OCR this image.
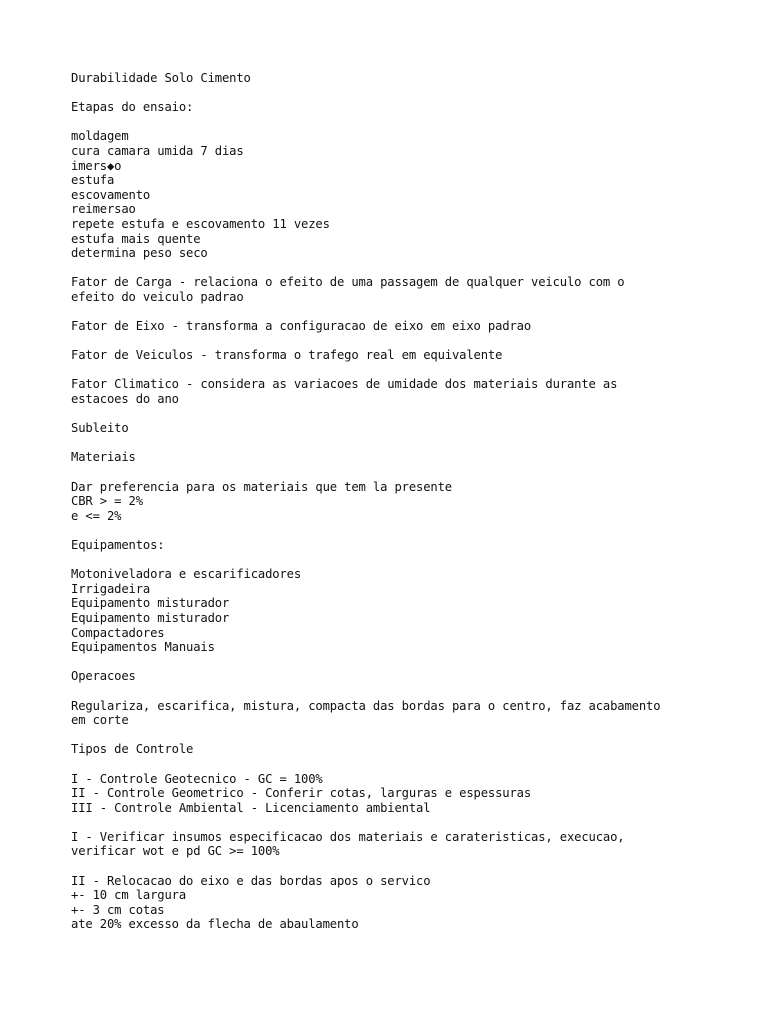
Durabilidade Solo Cimento
Etapas do ensaio:
moldagem
cura camara umida 7 dias
imers◆o
estufa
escovamento
reimersao
repete estufa e escovamento 11 vezes
estufa mais quente
determina peso seco
Fator de Carga - relaciona o efeito de uma passagem de qualquer veiculo com o
efeito do veiculo padrao
Fator de Eixo - transforma a configuracao de eixo em eixo padrao
Fator de Veiculos - transforma o trafego real em equivalente
Fator Climatico - considera as variacoes de umidade dos materiais durante as
estacoes do ano
Subleito
Materiais
Dar preferencia para os materiais que tem la presente
CBR > = 2%
e <= 2%
Equipamentos:
Motoniveladora e escarificadores
Irrigadeira
Equipamento misturador
Equipamento misturador
Compactadores
Equipamentos Manuais
Operacoes
Regulariza, escarifica, mistura, compacta das bordas para o centro, faz acabamento
em corte
Tipos de Controle
I - Controle Geotecnico - GC = 100%
II - Controle Geometrico - Conferir cotas, larguras e espessuras
III - Controle Ambiental - Licenciamento ambiental
I - Verificar insumos especificacao dos materiais e carateristicas, execucao,
verificar wot e pd GC >= 100%
II - Relocacao do eixo e das bordas apos o servico
+- 10 cm largura
+- 3 cm cotas
ate 20% excesso da flecha de abaulamento
